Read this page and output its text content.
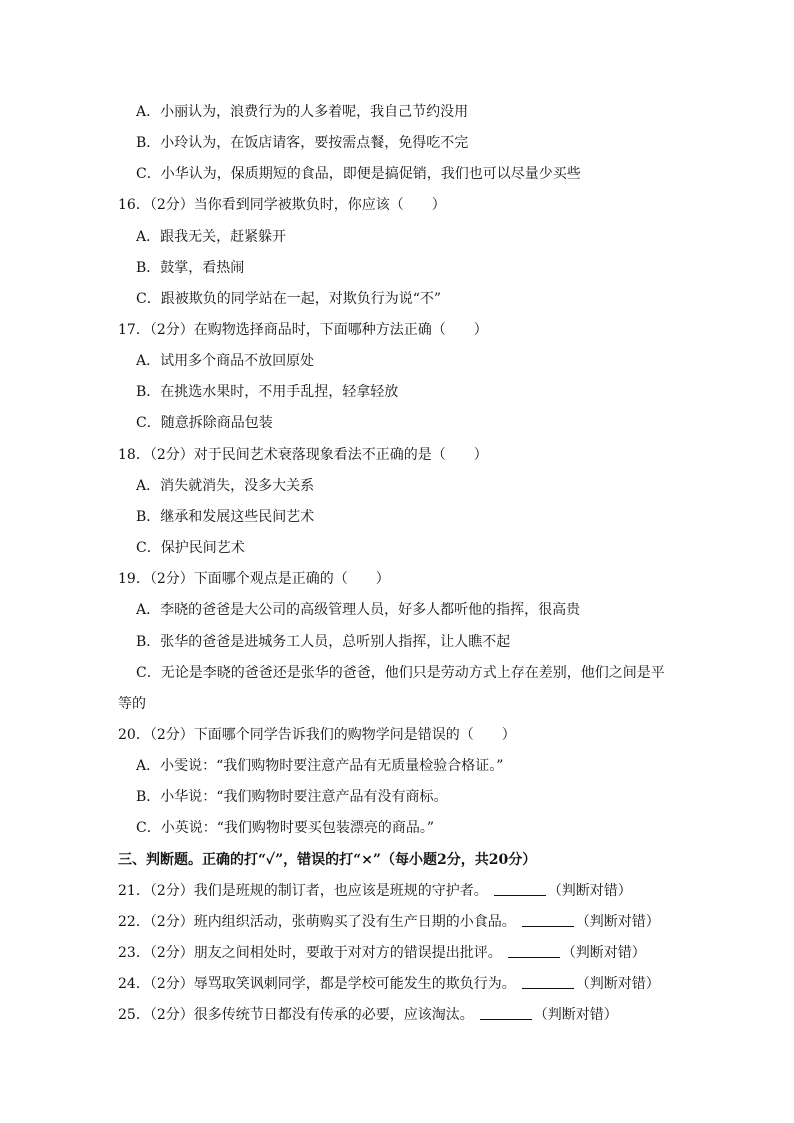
A．小丽认为，浪费行为的人多着呢，我自己节约没用
B．小玲认为，在饭店请客，要按需点餐，免得吃不完
C．小华认为，保质期短的食品，即便是搞促销，我们也可以尽量少买些
16．（2分）当你看到同学被欺负时，你应该（　　）
A．跟我无关，赶紧躲开
B．鼓掌，看热闹
C．跟被欺负的同学站在一起，对欺负行为说“不”
17．（2分）在购物选择商品时，下面哪种方法正确（　　）
A．试用多个商品不放回原处
B．在挑选水果时，不用手乱捏，轻拿轻放
C．随意拆除商品包装
18．（2分）对于民间艺术衰落现象看法不正确的是（　　）
A．消失就消失，没多大关系
B．继承和发展这些民间艺术
C．保护民间艺术
19．（2分）下面哪个观点是正确的（　　）
A．李晓的爸爸是大公司的高级管理人员，好多人都听他的指挥，很高贵
B．张华的爸爸是进城务工人员，总听别人指挥，让人瞧不起
C．无论是李晓的爸爸还是张华的爸爸，他们只是劳动方式上存在差别，他们之间是平
等的
20．（2分）下面哪个同学告诉我们的购物学问是错误的（　　）
A．小雯说：“我们购物时要注意产品有无质量检验合格证。”
B．小华说：“我们购物时要注意产品有没有商标。
C．小英说：“我们购物时要买包装漂亮的商品。”
三、判断题。正确的打“✓”，错误的打“×”（每小题2分，共20分）
21．（2分）我们是班规的制订者，也应该是班规的守护者。	（判断对错）
22．（2分）班内组织活动，张萌购买了没有生产日期的小食品。	（判断对错）
23．（2分）朋友之间相处时，要敢于对对方的错误提出批评。	（判断对错）
24．（2分）辱骂取笑讽刺同学，都是学校可能发生的欺负行为。	（判断对错）
25．（2分）很多传统节日都没有传承的必要，应该淘汰。	（判断对错）
